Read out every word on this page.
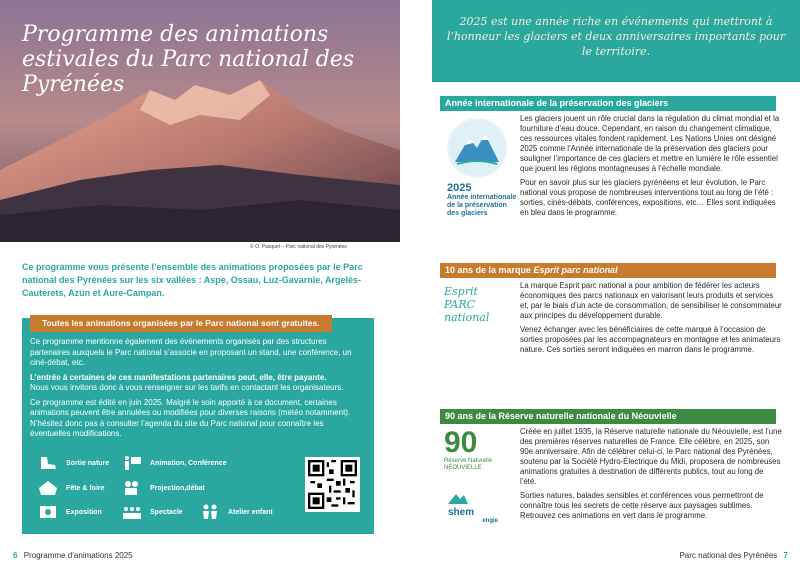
Programme des animations estivales du Parc national des Pyrénées
© O. Pasquet – Parc national des Pyrénées
Ce programme vous présente l’ensemble des animations proposées par le Parc national des Pyrénées sur les six vallées : Aspe, Ossau, Luz-Gavarnie, Argelès-Cauterets, Azun et Aure-Campan.
Toutes les animations organisées par le Parc national sont gratuites.

Ce programme mentionne également des événements organisés par des structures partenaires auxquels le Parc national s’associe en proposant un stand, une conférence, un ciné-débat, etc.

L’entrée à certaines de ces manifestations partenaires peut, elle, être payante.
Nous vous invitons donc à vous renseigner sur les tarifs en contactant les organisateurs.

Ce programme est édité en juin 2025. Malgré le soin apporté à ce document, certaines animations peuvent être annulées ou modifiées pour diverses raisons (météo notamment). N’hésitez donc pas à consulter l’agenda du site du Parc national pour connaître les éventuelles modifications.

Sortie nature	Animation, Conférence
Fête & foire	Projection,débat
Exposition	Spectacle	Atelier enfant
6 Programme d’animations 2025
2025 est une année riche en événements qui mettront à l’honneur les glaciers et deux anniversaires importants pour le territoire.
Année internationale de la préservation des glaciers
2025
Année internationale de la préservation des glaciers

Les glaciers jouent un rôle crucial dans la régulation du climat mondial et la fourniture d’eau douce. Cependant, en raison du changement climatique, ces ressources vitales fondent rapidement. Les Nations Unies ont désigné 2025 comme l’Année internationale de la préservation des glaciers pour souligner l’importance de ces glaciers et mettre en lumière le rôle essentiel que jouent les régions montagneuses à l’échelle mondiale.

Pour en savoir plus sur les glaciers pyrénéens et leur évolution, le Parc national vous propose de nombreuses interventions tout au long de l’été : sorties, cinés-débats, conférences, expositions, etc… Elles sont indiquées en bleu dans le programme.

10 ans de la marque Esprit parc national
Esprit PARC national

La marque Esprit parc national a pour ambition de fédérer les acteurs économiques des parcs nationaux en valorisant leurs produits et services et, par le biais d’un acte de consommation, de sensibiliser le consommateur aux principes du développement durable.

Venez échanger avec les bénéficiaires de cette marque à l’occasion de sorties proposées par les accompagnateurs en montagne et les animateurs nature. Ces sorties seront indiquées en marron dans le programme.

90 ans de la Réserve naturelle nationale du Néouvielle
90
Réserve Naturelle NÉOUVIELLE
shem
engie

Créée en juillet 1935, la Réserve naturelle nationale du Néouvielle, est l’une des premières réserves naturelles de France. Elle célèbre, en 2025, son 90e anniversaire. Afin de célébrer celui-ci, le Parc national des Pyrénées, soutenu par la Société Hydro-Électrique du Midi, proposera de nombreuses animations gratuites à destination de différents publics, tout au long de l’été.

Sorties natures, balades sensibles et conférences vous permettront de connaître tous les secrets de cette réserve aux paysages sublimes. Retrouvez ces animations en vert dans le programme.

Parc national des Pyrénées 7
